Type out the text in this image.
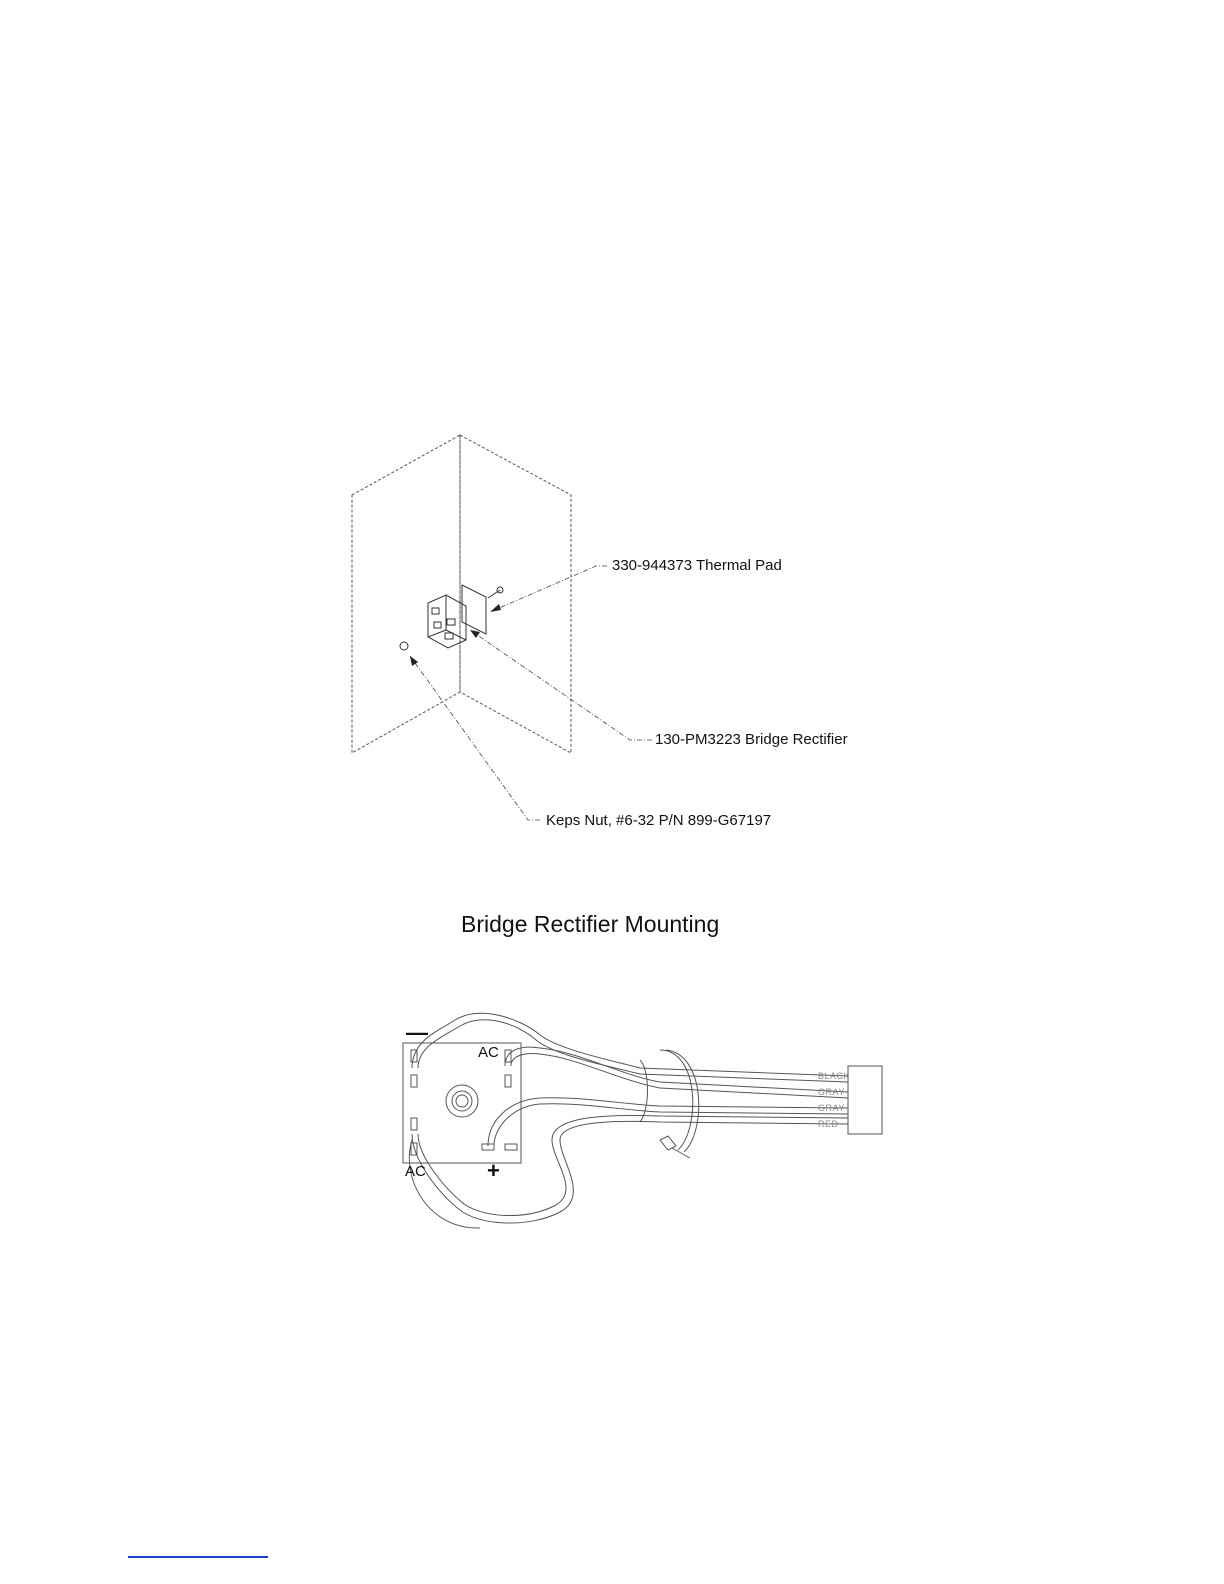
330-944373 Thermal Pad
130-PM3223 Bridge Rectifier
Keps Nut, #6-32 P/N 899-G67197
Bridge Rectifier Mounting
—
AC
AC	+
BLACK
GRAY
GRAY
RED
